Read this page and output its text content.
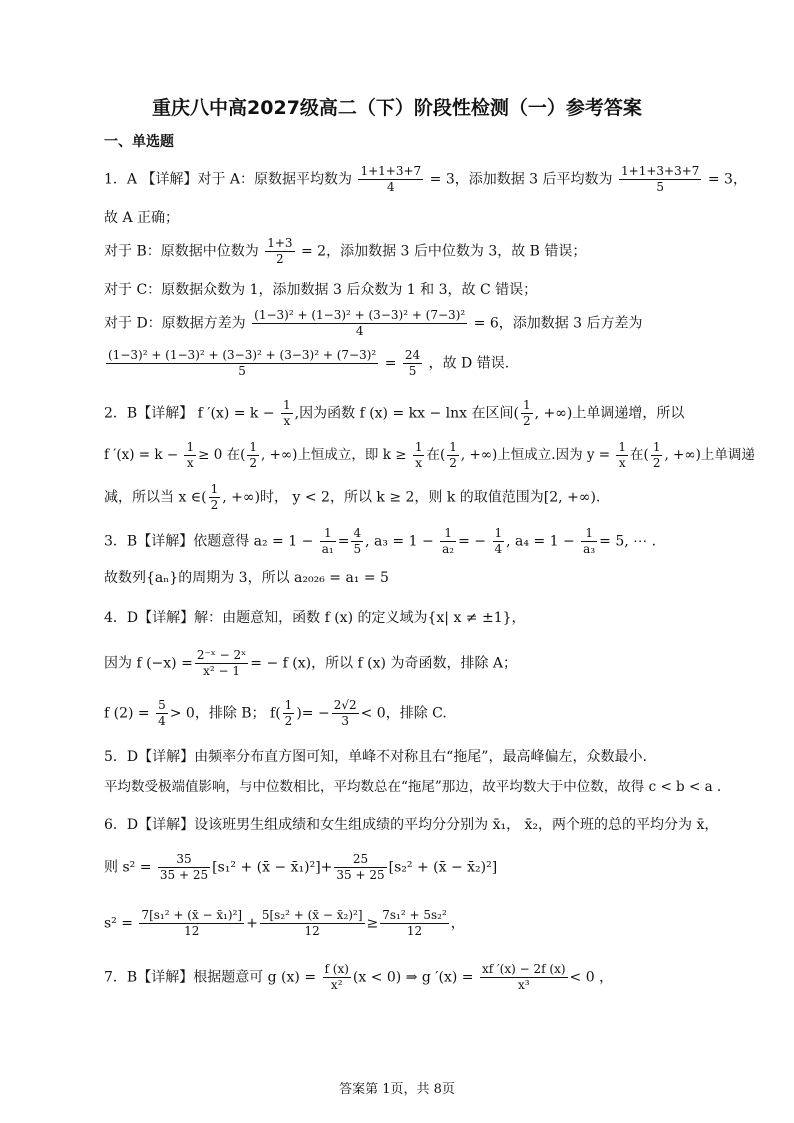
重庆八中高2027级高二（下）阶段性检测（一）参考答案
一、单选题
1．A 【详解】对于 A：原数据平均数为 $\frac{1+1+3+7}{4} = 3$，添加数据 3 后平均数为 $\frac{1+1+3+3+7}{5} = 3$，
故 A 正确；
对于 B：原数据中位数为 $\frac{1+3}{2} = 2$，添加数据 3 后中位数为 3，故 B 错误；
对于 C：原数据众数为 1，添加数据 3 后众数为 1 和 3，故 C 错误；
对于 D：原数据方差为 $\frac{\text{(1−3)² + (1−3)² + (3−3)² + (7−3)²}}{4} = 6$，添加数据 3 后方差为
$\frac{\text{(1−3)² + (1−3)² + (3−3)² + (3−3)² + (7−3)²}}{5} = \frac{24}{5}$ ，故 D 错误.
2．B【详解】 f $'(x) = k - \frac{1}{x}$ ,因为函数 f (x) = kx − lnx 在区间( $\frac{1}{2}$ , +∞)上单调递增，所以
f $'(x) = k - \frac{1}{x} \ge 0$ 在( $\frac{1}{2}$ , +∞)上恒成立，即 $k \ge \frac{1}{x}$ 在( $\frac{1}{2}$ , +∞)上恒成立.因为 $y = \frac{1}{x}$ 在( $\frac{1}{2}$ , +∞)上单调递
减，所以当 x ∈( $\frac{1}{2}$ , +∞)时， y < 2，所以 k ≥ 2，则 k 的取值范围为[2, +∞).
3．B【详解】依题意得 $a_2 = 1 - \frac{1}{\text{a₁}} = \frac{4}{5}$ , $a_3 = 1 - \frac{1}{\text{a₂}}$ = − $\frac{1}{4}$ , $a_4 = 1 - \frac{1}{\text{a₃}} = 5$, ⋯ .
故数列{aₙ}的周期为 3，所以 a₂₀₂₆ = a₁ = 5
4．D【详解】解：由题意知，函数 f (x) 的定义域为{x| x ≠ ±1}，
因为 f $(-x) = \frac{\text{2⁻ˣ − 2ˣ}}{\text{x² − 1}}$ = − f (x)，所以 f (x) 为奇函数，排除 A；
f $(2) = \frac{5}{4} > 0$，排除 B； $f( \frac{1}{2}$ )= − $\frac{2√2}{3} < 0$，排除 C.
5．D【详解】由频率分布直方图可知，单峰不对称且右“拖尾”，最高峰偏左，众数最小.
平均数受极端值影响，与中位数相比，平均数总在“拖尾”那边，故平均数大于中位数，故得 c < b < a .
6．D【详解】设该班男生组成绩和女生组成绩的平均分分别为 x̄₁， x̄₂，两个班的总的平均分为 x̄，
则 $s^2 = \frac{35}{35 + 25} [s_1^2$ + (x̄ − x̄₁)²]+ $\frac{25}{35 + 25} [s_2^2$ + (x̄ − x̄₂)²]
$s^2 = \frac{\text{7[s₁² + (x̄ − x̄₁)²]}}{12} + \frac{\text{5[s₂² + (x̄ − x̄₂)²]}}{12} \ge \frac{\text{7s₁² + 5s₂²}}{12}$ ，
7．B【详解】根据题意可 g $(x) = \frac{f (x)}{\text{x²}} (x < 0)$ ⇒ g $'(x) = \frac{xf '(x) - 2f (x)}{\text{x³}} < 0$ ，
答案第 1页，共 8页
